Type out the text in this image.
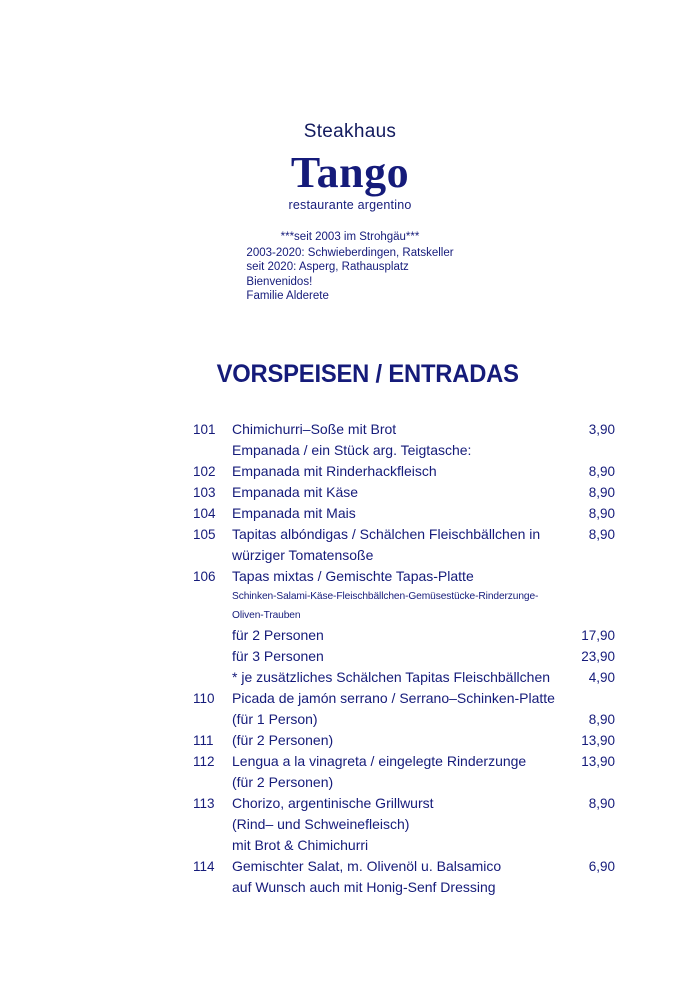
Steakhaus
Tango
restaurante argentino
***seit 2003 im Strohgäu***
2003-2020: Schwieberdingen, Ratskeller
seit 2020: Asperg, Rathausplatz
Bienvenidos!
Familie Alderete
VORSPEISEN / ENTRADAS
101	Chimichurri–Soße mit Brot	3,90
Empanada / ein Stück arg. Teigtasche:
102	Empanada mit Rinderhackfleisch	8,90
103	Empanada mit Käse	8,90
104	Empanada mit Mais	8,90
105	Tapitas albóndigas / Schälchen Fleischbällchen in	8,90
würziger Tomatensoße
106	Tapas mixtas / Gemischte Tapas-Platte
Schinken-Salami-Käse-Fleischbällchen-Gemüsestücke-Rinderzunge-Oliven-Trauben
für 2 Personen	17,90
für 3 Personen	23,90
* je zusätzliches Schälchen Tapitas Fleischbällchen	4,90
110	Picada de jamón serrano / Serrano–Schinken-Platte
(für 1 Person)	8,90
111	(für 2 Personen)	13,90
112	Lengua a la vinagreta / eingelegte Rinderzunge	13,90
(für 2 Personen)
113	Chorizo, argentinische Grillwurst	8,90
(Rind– und Schweinefleisch)
mit Brot & Chimichurri
114	Gemischter Salat, m. Olivenöl u. Balsamico	6,90
auf Wunsch auch mit Honig-Senf Dressing
